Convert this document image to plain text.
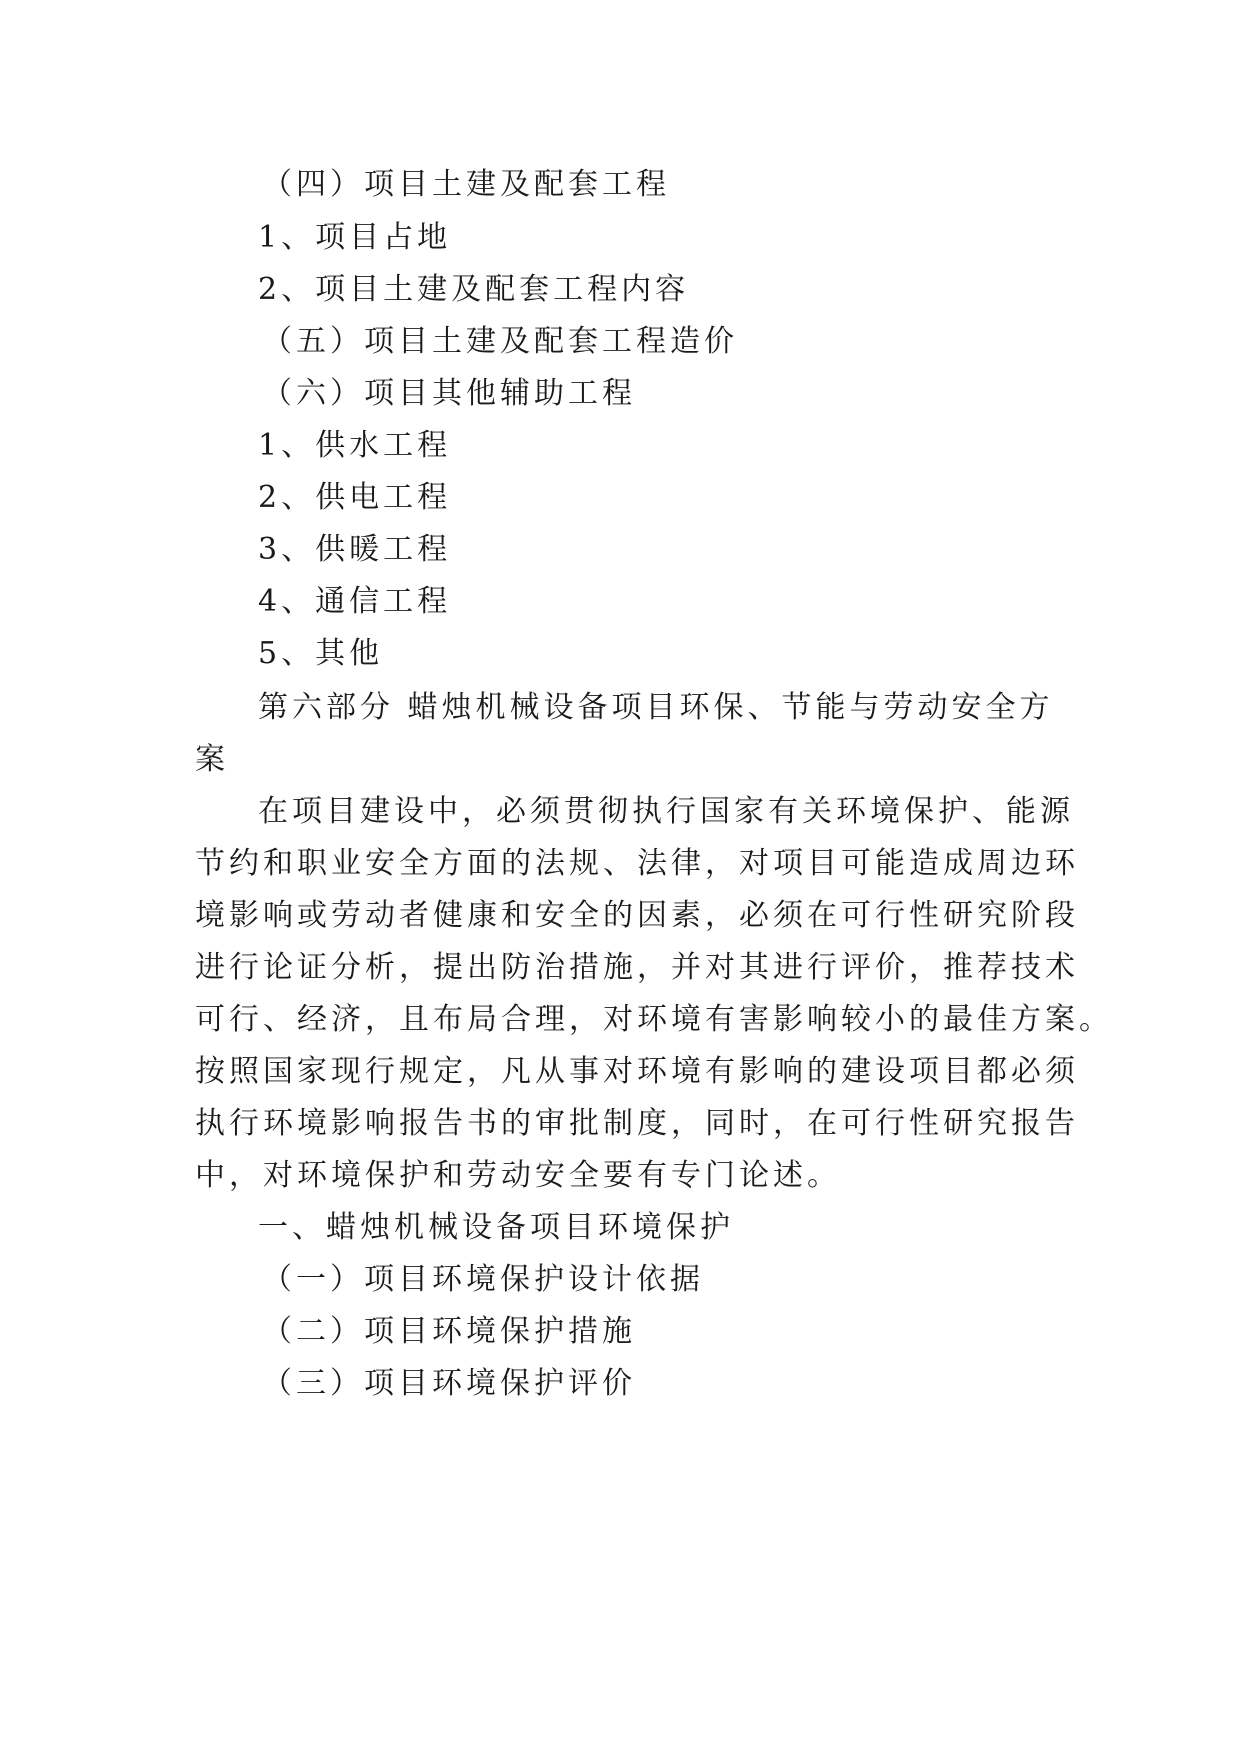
（四）项目土建及配套工程
1、项目占地
2、项目土建及配套工程内容
（五）项目土建及配套工程造价
（六）项目其他辅助工程
1、供水工程
2、供电工程
3、供暖工程
4、通信工程
5、其他
第六部分 蜡烛机械设备项目环保、节能与劳动安全方
案
在项目建设中，必须贯彻执行国家有关环境保护、能源
节约和职业安全方面的法规、法律，对项目可能造成周边环
境影响或劳动者健康和安全的因素，必须在可行性研究阶段
进行论证分析，提出防治措施，并对其进行评价，推荐技术
可行、经济，且布局合理，对环境有害影响较小的最佳方案。
按照国家现行规定，凡从事对环境有影响的建设项目都必须
执行环境影响报告书的审批制度，同时，在可行性研究报告
中，对环境保护和劳动安全要有专门论述。
一、蜡烛机械设备项目环境保护
（一）项目环境保护设计依据
（二）项目环境保护措施
（三）项目环境保护评价
